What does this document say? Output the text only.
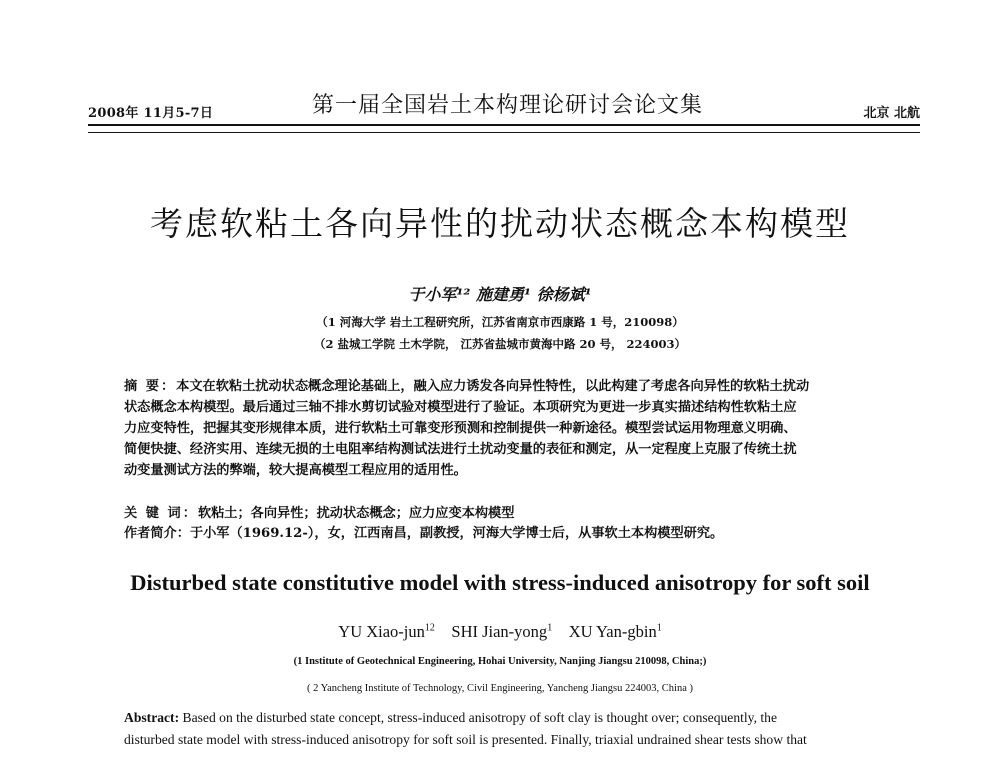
2008年 11月5-7日	第一届全国岩土本构理论研讨会论文集	北京 北航
考虑软粘土各向异性的扰动状态概念本构模型
于小军¹² 施建勇¹ 徐杨斌¹
（1 河海大学 岩土工程研究所，江苏省南京市西康路 1 号，210098）
（2 盐城工学院 土木学院， 江苏省盐城市黄海中路 20 号， 224003）
摘 要：本文在软粘土扰动状态概念理论基础上，融入应力诱发各向异性特性，以此构建了考虑各向异性的软粘土扰动
状态概念本构模型。最后通过三轴不排水剪切试验对模型进行了验证。本项研究为更进一步真实描述结构性软粘土应
力应变特性，把握其变形规律本质，进行软粘土可靠变形预测和控制提供一种新途径。模型尝试运用物理意义明确、
简便快捷、经济实用、连续无损的土电阻率结构测试法进行土扰动变量的表征和测定，从一定程度上克服了传统土扰
动变量测试方法的弊端，较大提高模型工程应用的适用性。
关 键 词：软粘土；各向异性；扰动状态概念；应力应变本构模型
作者简介：于小军（1969.12-），女，江西南昌，副教授，河海大学博士后，从事软土本构模型研究。
Disturbed state constitutive model with stress-induced anisotropy for soft soil
YU Xiao-jun$^{12}$ SHI Jian-yong$^1$ XU Yan-gbin$^1$
(1 Institute of Geotechnical Engineering, Hohai University, Nanjing Jiangsu 210098, China;)
( 2 Yancheng Institute of Technology, Civil Engineering, Yancheng Jiangsu 224003, China )
Abstract: Based on the disturbed state concept, stress-induced anisotropy of soft clay is thought over; consequently, the
disturbed state model with stress-induced anisotropy for soft soil is presented. Finally, triaxial undrained shear tests show that
